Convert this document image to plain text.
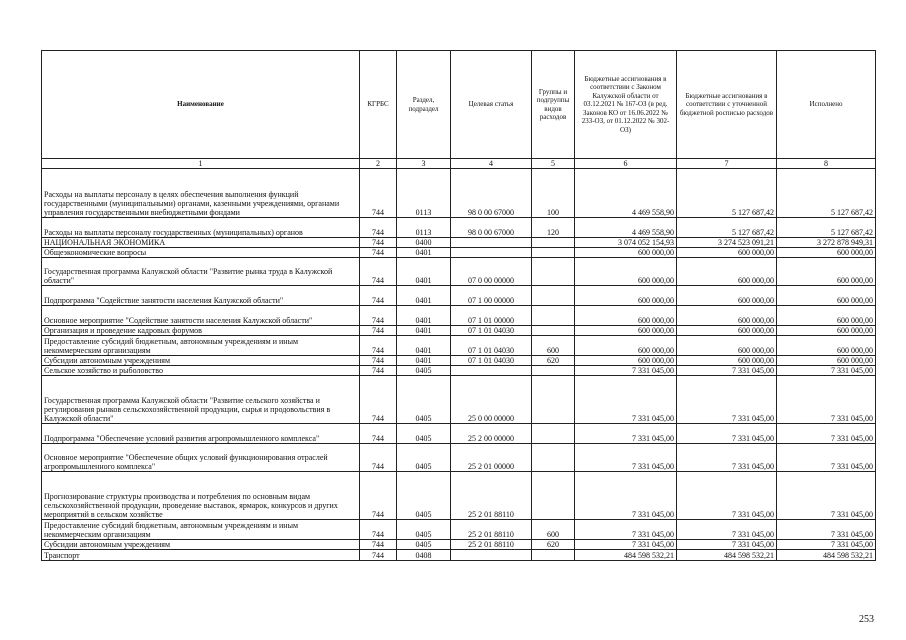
Наименование	КГРБС	Раздел, подраздел	Целевая статья	Группы и подгруппы видов расходов	Бюджетные ассигнования в соответствии с Законом Калужской области от 03.12.2021 № 167-ОЗ (в ред. Законов КО от 16.06.2022 № 233-ОЗ, от 01.12.2022 № 302-ОЗ)	Бюджетные ассигнования в соответствии с уточненной бюджетной росписью расходов	Исполнено
1	2	3	4	5	6	7	8
Расходы на выплаты персоналу в целях обеспечения выполнения функций государственными (муниципальными) органами, казенными учреждениями, органами управления государственными внебюджетными фондами	744	0113	98 0 00 67000	100	4 469 558,90	5 127 687,42	5 127 687,42
Расходы на выплаты персоналу государственных (муниципальных) органов	744	0113	98 0 00 67000	120	4 469 558,90	5 127 687,42	5 127 687,42
НАЦИОНАЛЬНАЯ ЭКОНОМИКА	744	0400			3 074 052 154,93	3 274 523 091,21	3 272 878 949,31
Общеэкономические вопросы	744	0401			600 000,00	600 000,00	600 000,00
Государственная программа Калужской области "Развитие рынка труда в Калужской области"	744	0401	07 0 00 00000		600 000,00	600 000,00	600 000,00
Подпрограмма "Содействие занятости населения Калужской области"	744	0401	07 1 00 00000		600 000,00	600 000,00	600 000,00
Основное мероприятие "Содействие занятости населения Калужской области"	744	0401	07 1 01 00000		600 000,00	600 000,00	600 000,00
Организация и проведение кадровых форумов	744	0401	07 1 01 04030		600 000,00	600 000,00	600 000,00
Предоставление субсидий бюджетным, автономным учреждениям и иным некоммерческим организациям	744	0401	07 1 01 04030	600	600 000,00	600 000,00	600 000,00
Субсидии автономным учреждениям	744	0401	07 1 01 04030	620	600 000,00	600 000,00	600 000,00
Сельское хозяйство и рыболовство	744	0405			7 331 045,00	7 331 045,00	7 331 045,00
Государственная программа Калужской области "Развитие сельского хозяйства и регулирования рынков сельскохозяйственной продукции, сырья и продовольствия в Калужской области"	744	0405	25 0 00 00000		7 331 045,00	7 331 045,00	7 331 045,00
Подпрограмма "Обеспечение условий развития агропромышленного комплекса"	744	0405	25 2 00 00000		7 331 045,00	7 331 045,00	7 331 045,00
Основное мероприятие "Обеспечение общих условий функционирования отраслей агропромышленного комплекса"	744	0405	25 2 01 00000		7 331 045,00	7 331 045,00	7 331 045,00
Прогнозирование структуры производства и потребления по основным видам сельскохозяйственной продукции, проведение выставок, ярмарок, конкурсов и других мероприятий в сельском хозяйстве	744	0405	25 2 01 88110		7 331 045,00	7 331 045,00	7 331 045,00
Предоставление субсидий бюджетным, автономным учреждениям и иным некоммерческим организациям	744	0405	25 2 01 88110	600	7 331 045,00	7 331 045,00	7 331 045,00
Субсидии автономным учреждениям	744	0405	25 2 01 88110	620	7 331 045,00	7 331 045,00	7 331 045,00
Транспорт	744	0408			484 598 532,21	484 598 532,21	484 598 532,21
253
